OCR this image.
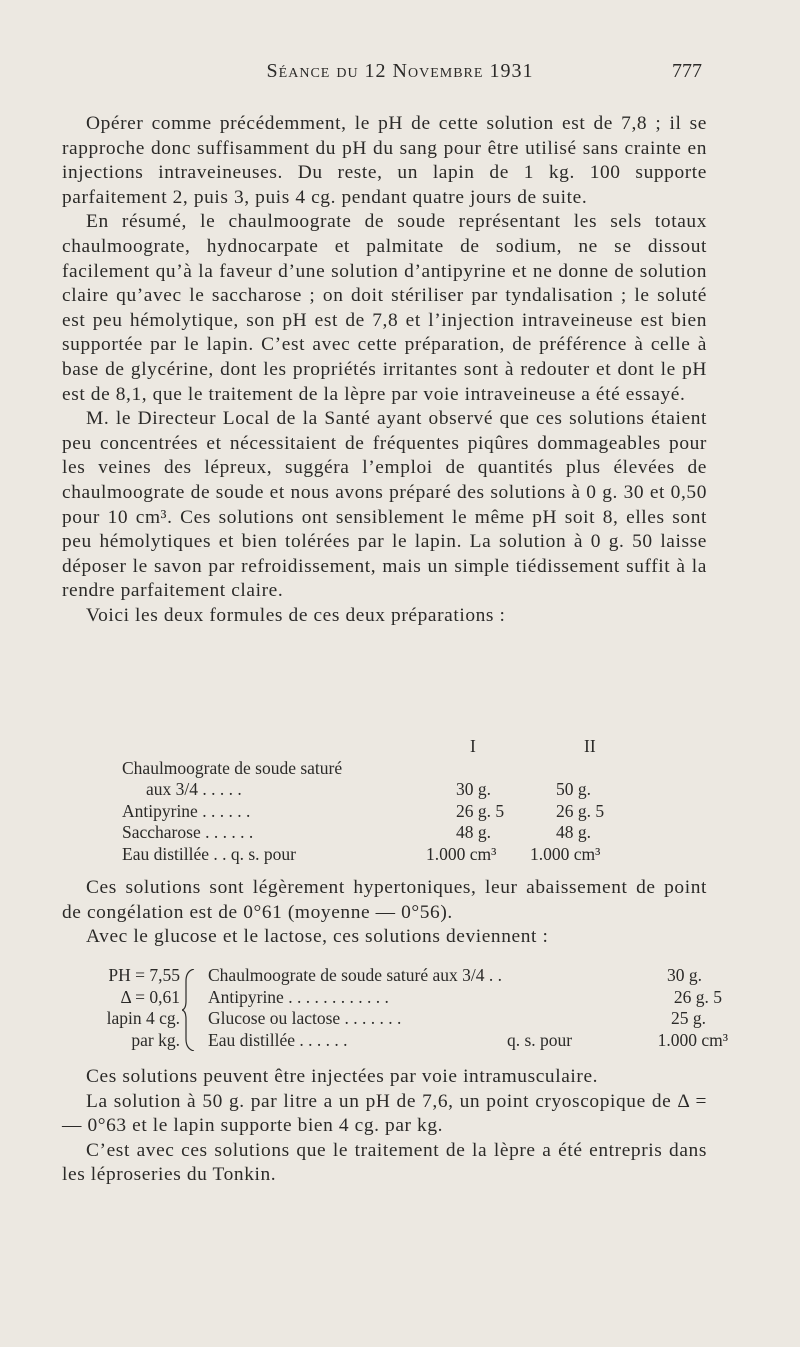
Séance du 12 Novembre 1931	777

Opérer comme précédemment, le pH de cette solution est de 7,8 ; il se rapproche donc suffisamment du pH du sang pour être utilisé sans crainte en injections intraveineuses. Du reste, un lapin de 1 kg. 100 supporte parfaitement 2, puis 3, puis 4 cg. pendant quatre jours de suite.

En résumé, le chaulmoograte de soude représentant les sels totaux chaulmoograte, hydnocarpate et palmitate de sodium, ne se dissout facilement qu’à la faveur d’une solution d’antipyrine et ne donne de solution claire qu’avec le saccharose ; on doit stériliser par tyndalisation ; le soluté est peu hémolytique, son pH est de 7,8 et l’injection intraveineuse est bien supportée par le lapin. C’est avec cette préparation, de préférence à celle à base de glycérine, dont les propriétés irritantes sont à redouter et dont le pH est de 8,1, que le traitement de la lèpre par voie intraveineuse a été essayé.

M. le Directeur Local de la Santé ayant observé que ces solutions étaient peu concentrées et nécessitaient de fréquentes piqûres dommageables pour les veines des lépreux, suggéra l’emploi de quantités plus élevées de chaulmoograte de soude et nous avons préparé des solutions à 0 g. 30 et 0,50 pour 10 cm³. Ces solutions ont sensiblement le même pH soit 8, elles sont peu hémolytiques et bien tolérées par le lapin. La solution à 0 g. 50 laisse déposer le savon par refroidissement, mais un simple tiédissement suffit à la rendre parfaitement claire.

Voici les deux formules de ces deux préparations :

I	II
Chaulmoograte de soude saturé
aux 3/4 . . . . .	30 g.	50 g.
Antipyrine . . . . . .	26 g. 5	26 g. 5
Saccharose . . . . . .	48 g.	48 g.
Eau distillée . . q. s. pour	1.000 cm³ 1.000 cm³

Ces solutions sont légèrement hypertoniques, leur abaissement de point de congélation est de 0°61 (moyenne — 0°56).

Avec le glucose et le lactose, ces solutions deviennent :

PH = 7,55 Chaulmoograte de soude saturé aux 3/4 . .	30 g.
Δ = 0,61 Antipyrine . . . . . . . . . . . .	26 g. 5
lapin 4 cg. Glucose ou lactose . . . . . . .	25 g.
par kg. Eau distillée . . . . . .	q. s. pour	1.000 cm³

Ces solutions peuvent être injectées par voie intramusculaire.

La solution à 50 g. par litre a un pH de 7,6, un point cryoscopique de Δ = — 0°63 et le lapin supporte bien 4 cg. par kg.

C’est avec ces solutions que le traitement de la lèpre a été entrepris dans les léproseries du Tonkin.
